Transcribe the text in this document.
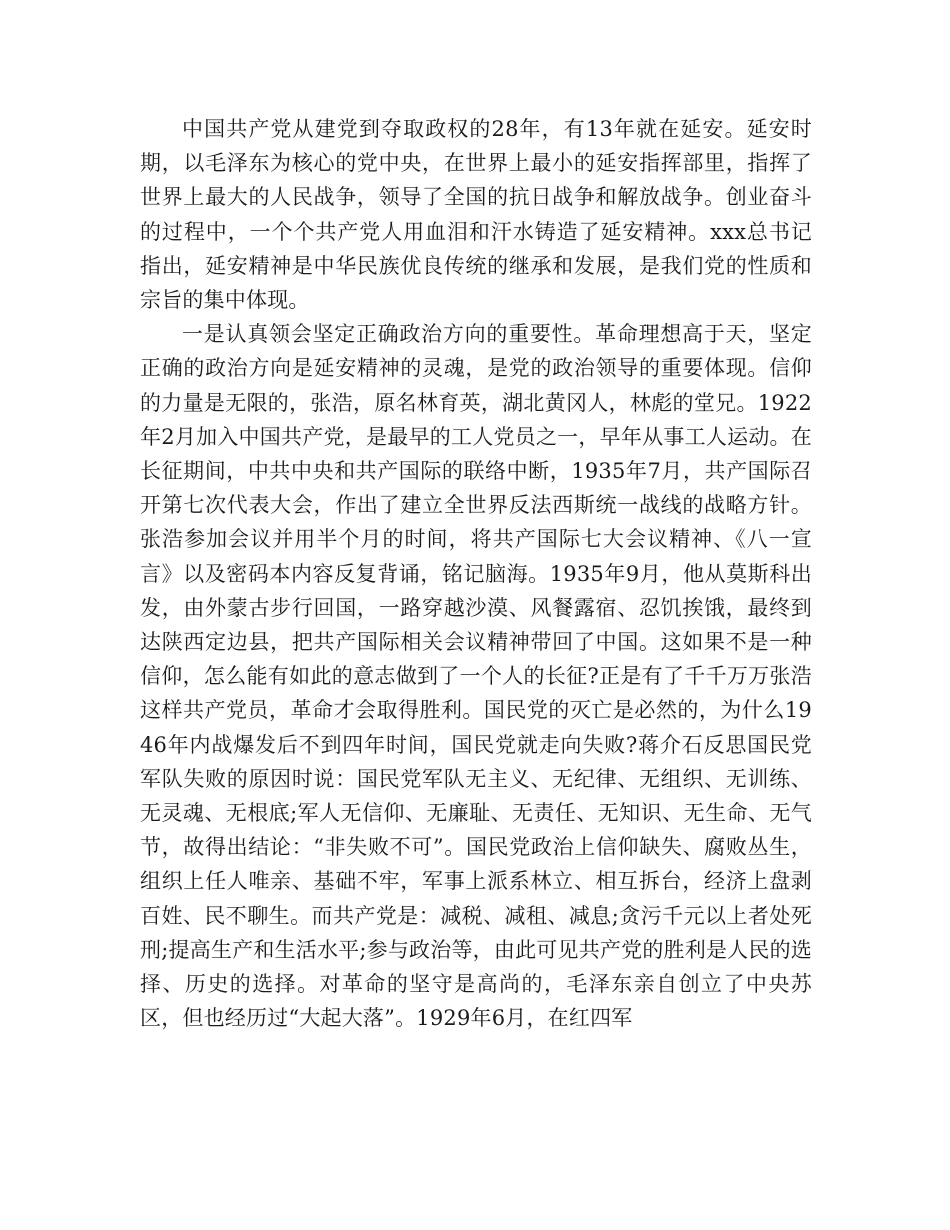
中国共产党从建党到夺取政权的28年，有13年就在延安。延安时期，以毛泽东为核心的党中央，在世界上最小的延安指挥部里，指挥了世界上最大的人民战争，领导了全国的抗日战争和解放战争。创业奋斗的过程中，一个个共产党人用血泪和汗水铸造了延安精神。xxx总书记指出，延安精神是中华民族优良传统的继承和发展，是我们党的性质和宗旨的集中体现。

一是认真领会坚定正确政治方向的重要性。革命理想高于天，坚定正确的政治方向是延安精神的灵魂，是党的政治领导的重要体现。信仰的力量是无限的，张浩，原名林育英，湖北黄冈人，林彪的堂兄。1922年2月加入中国共产党，是最早的工人党员之一，早年从事工人运动。在长征期间，中共中央和共产国际的联络中断，1935年7月，共产国际召开第七次代表大会，作出了建立全世界反法西斯统一战线的战略方针。张浩参加会议并用半个月的时间，将共产国际七大会议精神、《八一宣言》以及密码本内容反复背诵，铭记脑海。1935年9月，他从莫斯科出发，由外蒙古步行回国，一路穿越沙漠、风餐露宿、忍饥挨饿，最终到达陕西定边县，把共产国际相关会议精神带回了中国。这如果不是一种信仰，怎么能有如此的意志做到了一个人的长征?正是有了千千万万张浩这样共产党员，革命才会取得胜利。国民党的灭亡是必然的，为什么1946年内战爆发后不到四年时间，国民党就走向失败?蒋介石反思国民党军队失败的原因时说：国民党军队无主义、无纪律、无组织、无训练、无灵魂、无根底;军人无信仰、无廉耻、无责任、无知识、无生命、无气节，故得出结论：“非失败不可”。国民党政治上信仰缺失、腐败丛生，组织上任人唯亲、基础不牢，军事上派系林立、相互拆台，经济上盘剥百姓、民不聊生。而共产党是：减税、减租、减息;贪污千元以上者处死刑;提高生产和生活水平;参与政治等，由此可见共产党的胜利是人民的选择、历史的选择。对革命的坚守是高尚的，毛泽东亲自创立了中央苏区，但也经历过“大起大落”。1929年6月，在红四军
